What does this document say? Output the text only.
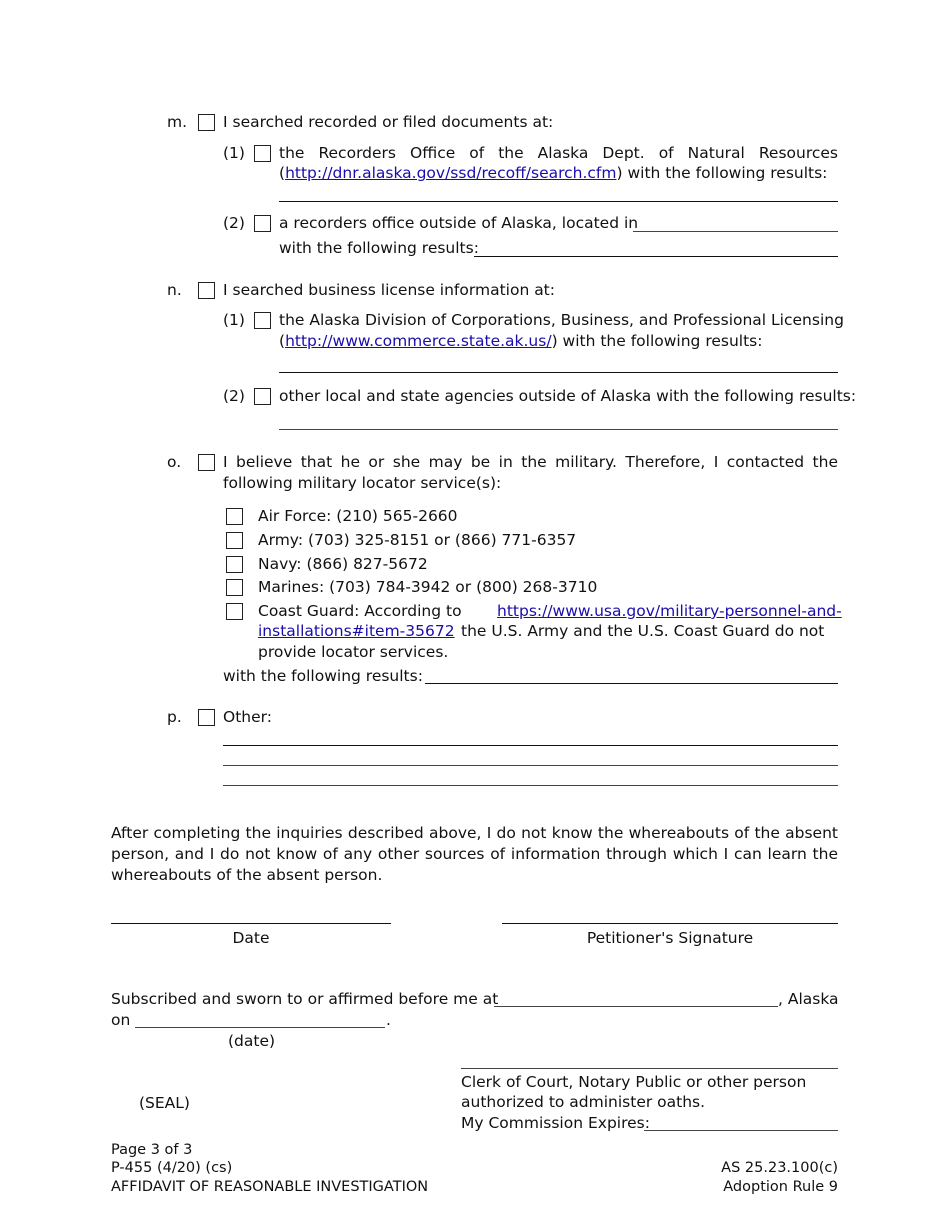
m. I searched recorded or filed documents at:
(1) the Recorders Office of the Alaska Dept. of Natural Resources
(http://dnr.alaska.gov/ssd/recoff/search.cfm) with the following results:
(2) a recorders office outside of Alaska, located in
with the following results:
n.	I searched business license information at:
(1) the Alaska Division of Corporations, Business, and Professional Licensing
(http://www.commerce.state.ak.us/) with the following results:
(2) other local and state agencies outside of Alaska with the following results:
o.	I believe that he or she may be in the military. Therefore, I contacted the
following military locator service(s):
Air Force: (210) 565-2660
Army: (703) 325-8151 or (866) 771-6357
Navy: (866) 827-5672
Marines: (703) 784-3942 or (800) 268-3710
Coast Guard: According to https://www.usa.gov/military-personnel-and-
installations#item-35672 the U.S. Army and the U.S. Coast Guard do not
provide locator services.
with the following results:
p.	Other:
After completing the inquiries described above, I do not know the whereabouts of the absent
person, and I do not know of any other sources of information through which I can learn the
whereabouts of the absent person.
Date	Petitioner's Signature
Subscribed and sworn to or affirmed before me at	, Alaska
on	.
(date)
(SEAL)
Clerk of Court, Notary Public or other person
authorized to administer oaths.
My Commission Expires:
Page 3 of 3
P-455 (4/20) (cs)
AFFIDAVIT OF REASONABLE INVESTIGATION
AS 25.23.100(c)
Adoption Rule 9
